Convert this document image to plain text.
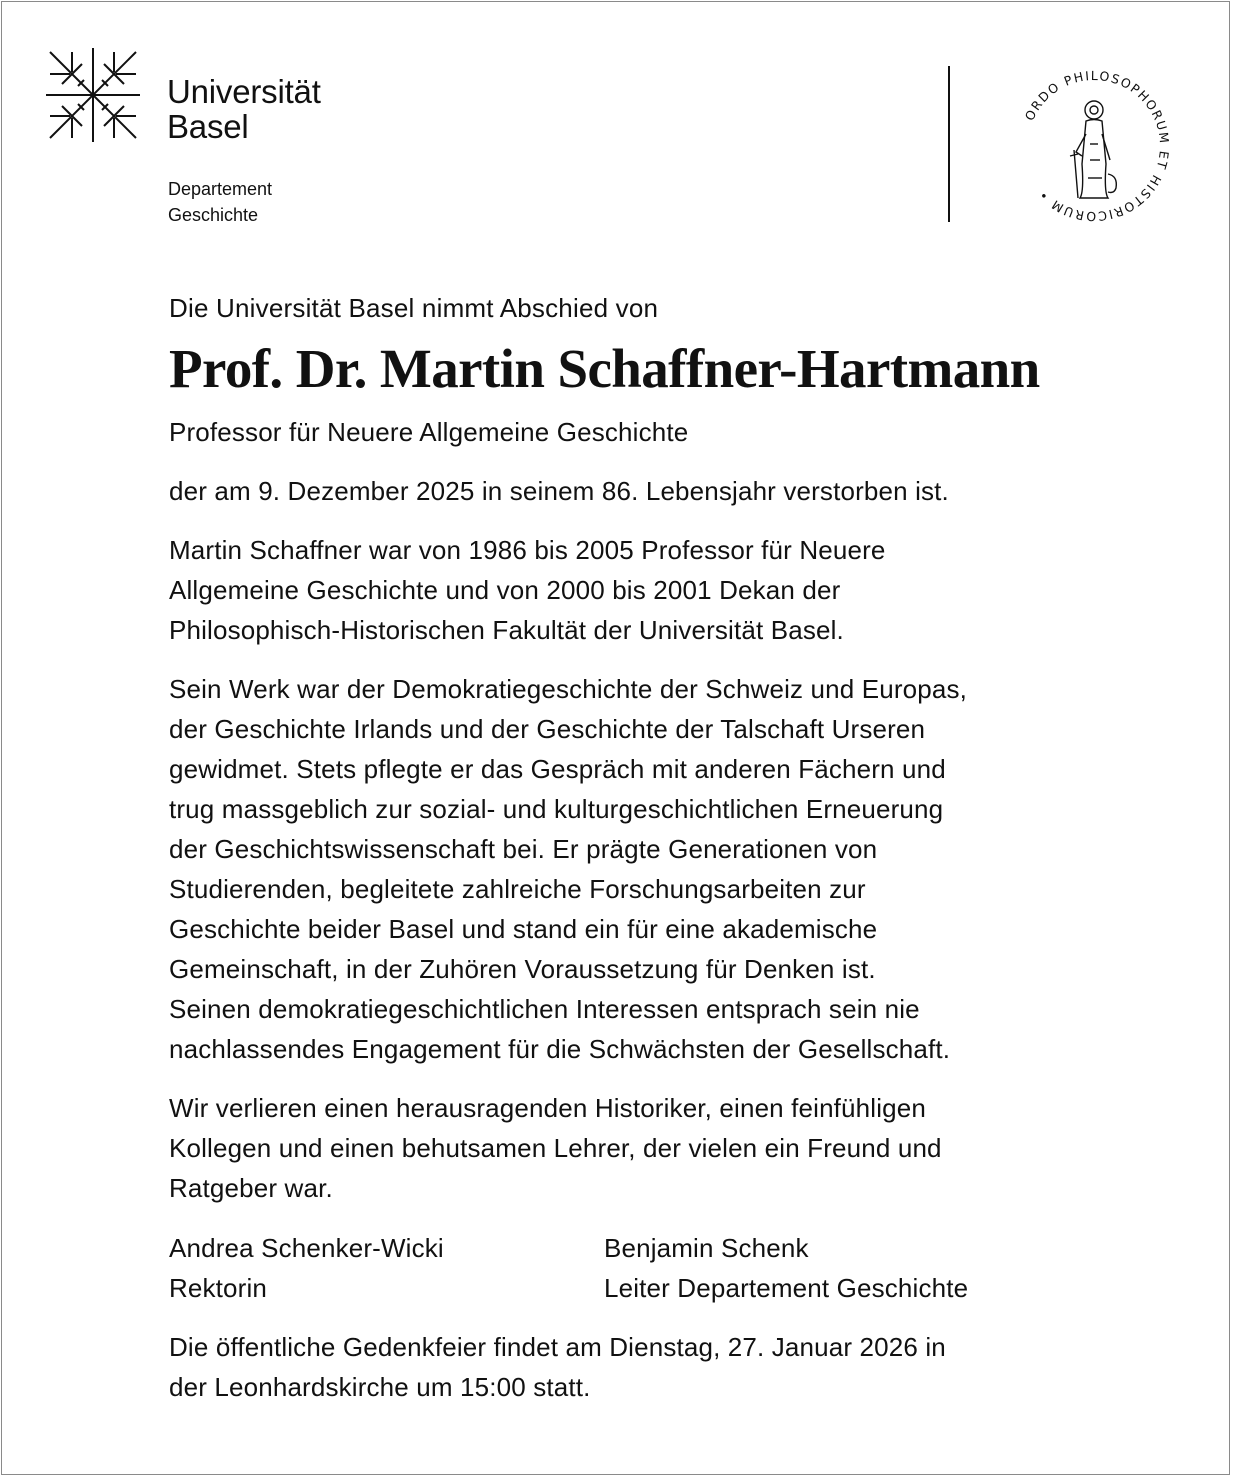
Universität
Basel
Departement
Geschichte
ORDO PHILOSOPHORUM ET HISTORICORUM •

Die Universität Basel nimmt Abschied von

Prof. Dr. Martin Schaffner-Hartmann

Professor für Neuere Allgemeine Geschichte

der am 9. Dezember 2025 in seinem 86. Lebensjahr verstorben ist.

Martin Schaffner war von 1986 bis 2005 Professor für Neuere
Allgemeine Geschichte und von 2000 bis 2001 Dekan der
Philosophisch-Historischen Fakultät der Universität Basel.

Sein Werk war der Demokratiegeschichte der Schweiz und Europas,
der Geschichte Irlands und der Geschichte der Talschaft Urseren
gewidmet. Stets pflegte er das Gespräch mit anderen Fächern und
trug massgeblich zur sozial- und kulturgeschichtlichen Erneuerung
der Geschichtswissenschaft bei. Er prägte Generationen von
Studierenden, begleitete zahlreiche Forschungsarbeiten zur
Geschichte beider Basel und stand ein für eine akademische
Gemeinschaft, in der Zuhören Voraussetzung für Denken ist.
Seinen demokratiegeschichtlichen Interessen entsprach sein nie
nachlassendes Engagement für die Schwächsten der Gesellschaft.

Wir verlieren einen herausragenden Historiker, einen feinfühligen
Kollegen und einen behutsamen Lehrer, der vielen ein Freund und
Ratgeber war.

Andrea Schenker-Wicki
Rektorin
Benjamin Schenk
Leiter Departement Geschichte

Die öffentliche Gedenkfeier findet am Dienstag, 27. Januar 2026 in
der Leonhardskirche um 15:00 statt.
